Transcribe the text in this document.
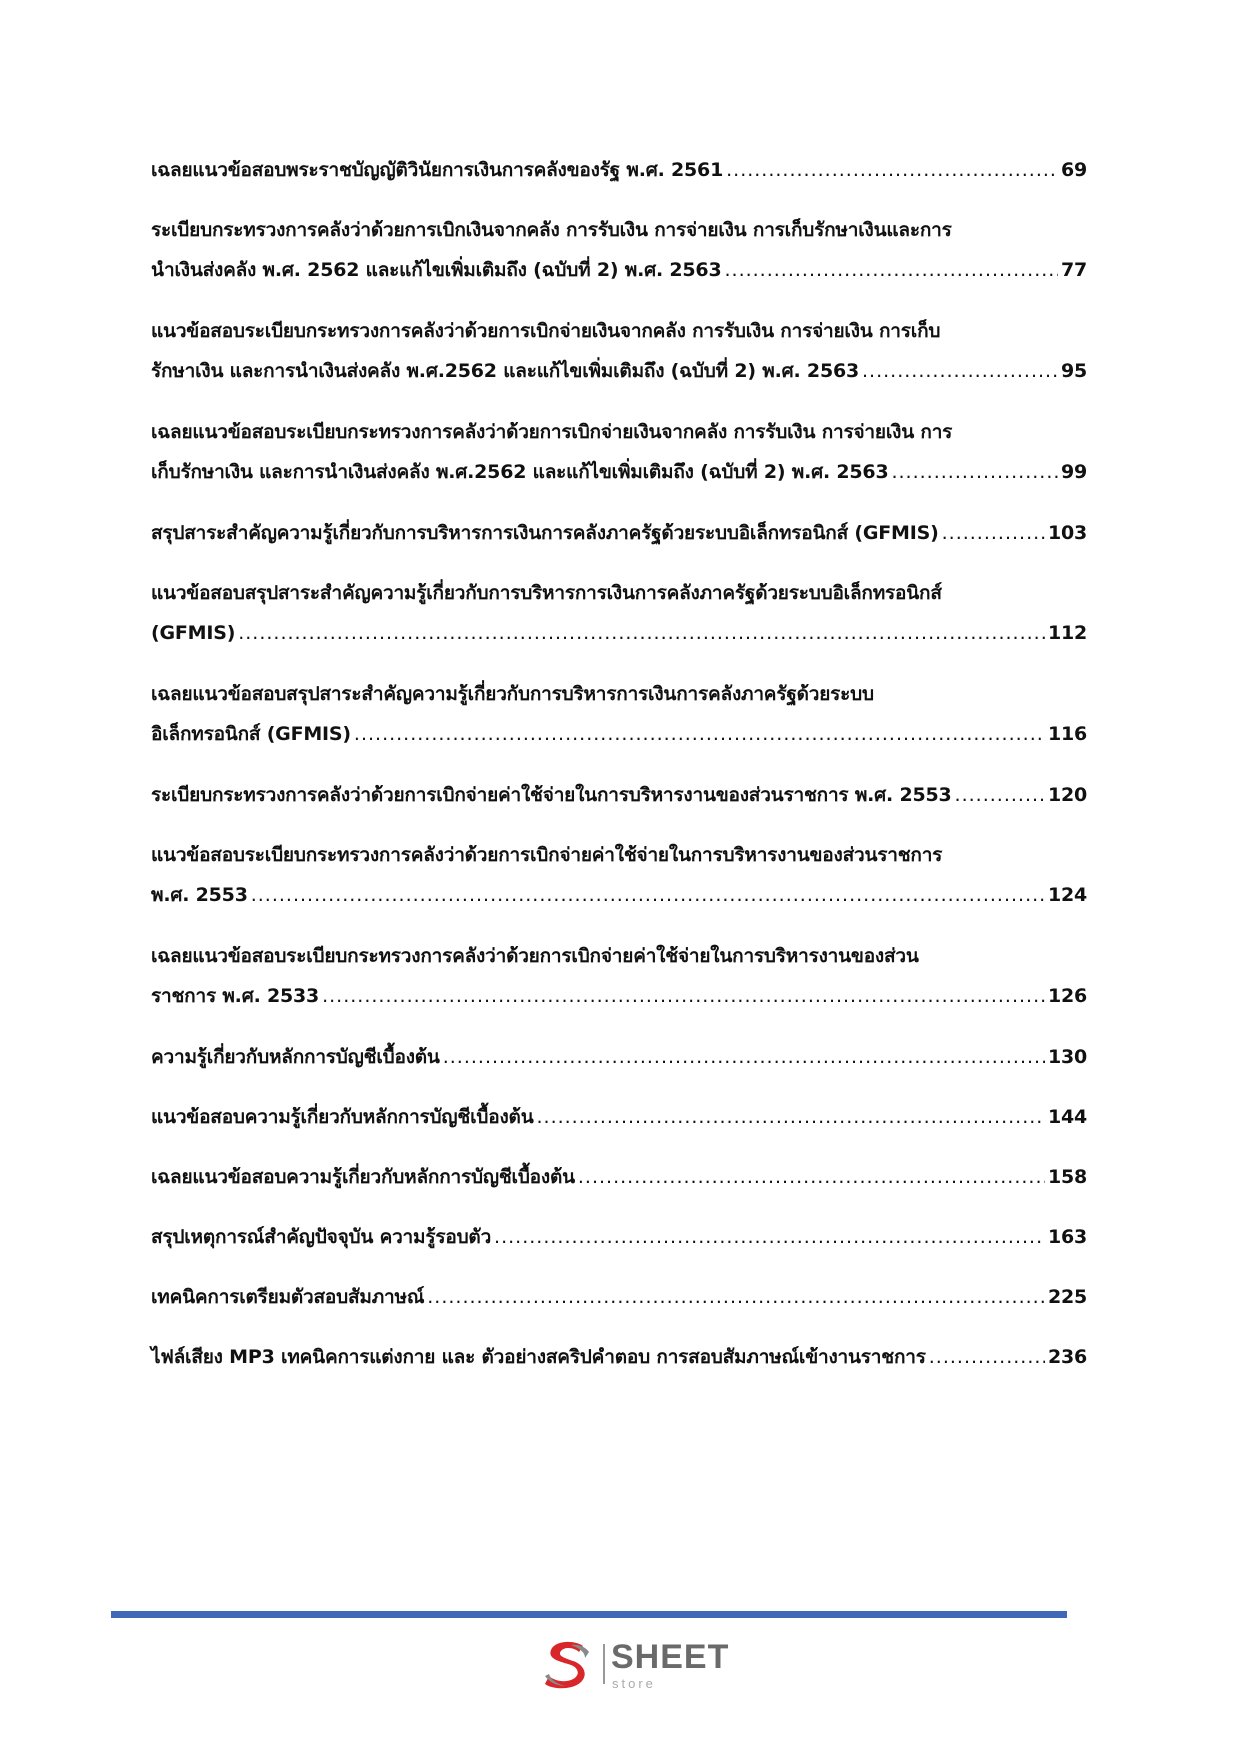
เฉลยแนวข้อสอบพระราชบัญญัติวินัยการเงินการคลังของรัฐ พ.ศ. 2561 .....	69
ระเบียบกระทรวงการคลังว่าด้วยการเบิกเงินจากคลัง การรับเงิน การจ่ายเงิน การเก็บรักษาเงินและการ
นำเงินส่งคลัง พ.ศ. 2562 และแก้ไขเพิ่มเติมถึง (ฉบับที่ 2) พ.ศ. 2563 .....	77
แนวข้อสอบระเบียบกระทรวงการคลังว่าด้วยการเบิกจ่ายเงินจากคลัง การรับเงิน การจ่ายเงิน การเก็บ
รักษาเงิน และการนำเงินส่งคลัง พ.ศ.2562 และแก้ไขเพิ่มเติมถึง (ฉบับที่ 2) พ.ศ. 2563 .....	95
เฉลยแนวข้อสอบระเบียบกระทรวงการคลังว่าด้วยการเบิกจ่ายเงินจากคลัง การรับเงิน การจ่ายเงิน การ
เก็บรักษาเงิน และการนำเงินส่งคลัง พ.ศ.2562 และแก้ไขเพิ่มเติมถึง (ฉบับที่ 2) พ.ศ. 2563 .....	99
สรุปสาระสำคัญความรู้เกี่ยวกับการบริหารการเงินการคลังภาครัฐด้วยระบบอิเล็กทรอนิกส์ (GFMIS) .....	103
แนวข้อสอบสรุปสาระสำคัญความรู้เกี่ยวกับการบริหารการเงินการคลังภาครัฐด้วยระบบอิเล็กทรอนิกส์
(GFMIS) .....	112
เฉลยแนวข้อสอบสรุปสาระสำคัญความรู้เกี่ยวกับการบริหารการเงินการคลังภาครัฐด้วยระบบ
อิเล็กทรอนิกส์ (GFMIS) .....	116
ระเบียบกระทรวงการคลังว่าด้วยการเบิกจ่ายค่าใช้จ่ายในการบริหารงานของส่วนราชการ พ.ศ. 2553 .....	120
แนวข้อสอบระเบียบกระทรวงการคลังว่าด้วยการเบิกจ่ายค่าใช้จ่ายในการบริหารงานของส่วนราชการ
พ.ศ. 2553 .....	124
เฉลยแนวข้อสอบระเบียบกระทรวงการคลังว่าด้วยการเบิกจ่ายค่าใช้จ่ายในการบริหารงานของส่วน
ราชการ พ.ศ. 2533 .....	126
ความรู้เกี่ยวกับหลักการบัญชีเบื้องต้น .....	130
แนวข้อสอบความรู้เกี่ยวกับหลักการบัญชีเบื้องต้น .....	144
เฉลยแนวข้อสอบความรู้เกี่ยวกับหลักการบัญชีเบื้องต้น .....	158
สรุปเหตุการณ์สำคัญปัจจุบัน ความรู้รอบตัว .....	163
เทคนิคการเตรียมตัวสอบสัมภาษณ์ .....	225
ไฟล์เสียง MP3 เทคนิคการแต่งกาย และ ตัวอย่างสคริปคำตอบ การสอบสัมภาษณ์เข้างานราชการ .....	236
SHEET
store
